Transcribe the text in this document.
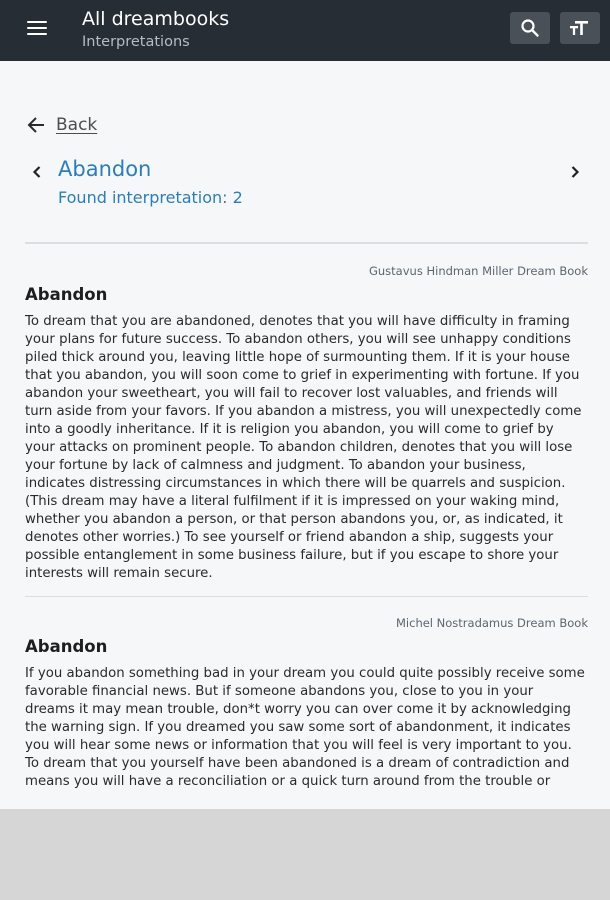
All dreambooks
Interpretations
Back
Abandon
Found interpretation: 2
Gustavus Hindman Miller Dream Book
Abandon
To dream that you are abandoned, denotes that you will have difficulty in framing your plans for future success. To abandon others, you will see unhappy conditions piled thick around you, leaving little hope of surmounting them. If it is your house that you abandon, you will soon come to grief in experimenting with fortune. If you abandon your sweetheart, you will fail to recover lost valuables, and friends will turn aside from your favors. If you abandon a mistress, you will unexpectedly come into a goodly inheritance. If it is religion you abandon, you will come to grief by your attacks on prominent people. To abandon children, denotes that you will lose your fortune by lack of calmness and judgment. To abandon your business, indicates distressing circumstances in which there will be quarrels and suspicion. (This dream may have a literal fulfilment if it is impressed on your waking mind, whether you abandon a person, or that person abandons you, or, as indicated, it denotes other worries.) To see yourself or friend abandon a ship, suggests your possible entanglement in some business failure, but if you escape to shore your interests will remain secure.
Michel Nostradamus Dream Book
Abandon
If you abandon something bad in your dream you could quite possibly receive some favorable financial news. But if someone abandons you, close to you in your dreams it may mean trouble, don*t worry you can over come it by acknowledging the warning sign. If you dreamed you saw some sort of abandonment, it indicates you will hear some news or information that you will feel is very important to you. To dream that you yourself have been abandoned is a dream of contradiction and means you will have a reconciliation or a quick turn around from the trouble or
